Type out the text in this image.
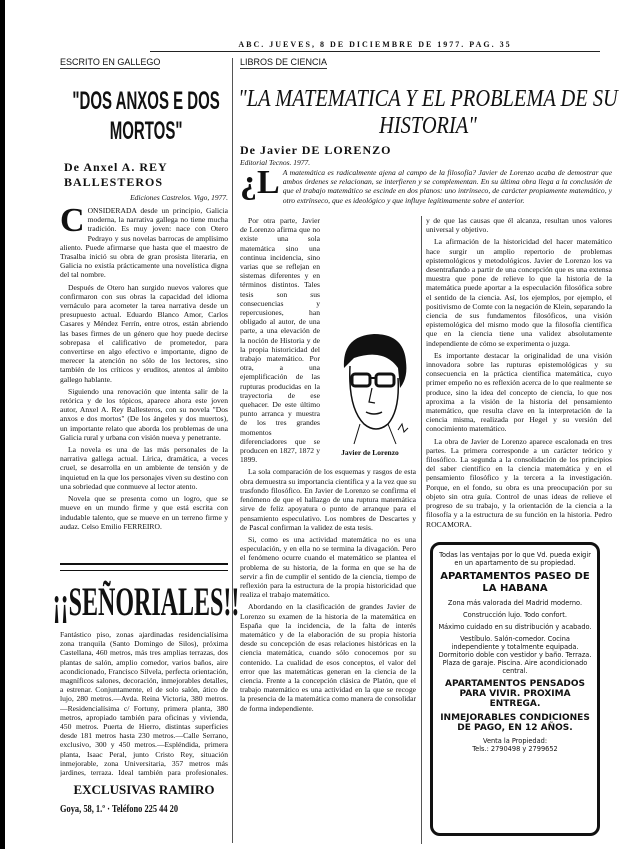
ABC. JUEVES, 8 DE DICIEMBRE DE 1977. PAG. 35
ESCRITO EN GALLEGO
"DOS ANXOS E DOS MORTOS"
De Anxel A. REY BALLESTEROS
Ediciones Castrelos. Vigo, 1977.

CONSIDERADA desde un principio, Galicia moderna, la narrativa gallega no tiene mucha tradición. Es muy joven: nace con Otero Pedrayo y sus novelas barrocas de amplísimo aliento. Puede afirmarse que hasta que el maestro de Trasalba inició su obra de gran prosista literaria, en Galicia no existía prácticamente una novelística digna del tal nombre.

Después de Otero han surgido nuevos valores que confirmaron con sus obras la capacidad del idioma vernáculo para acometer la tarea narrativa desde un presupuesto actual. Eduardo Blanco Amor, Carlos Casares y Méndez Ferrín, entre otros, están abriendo las bases firmes de un género que hoy puede decirse sobrepasa el calificativo de prometedor, para convertirse en algo efectivo e importante, digno de merecer la atención no sólo de los lectores, sino también de los críticos y eruditos, atentos al ámbito gallego hablante.

Siguiendo una renovación que intenta salir de la retórica y de los tópicos, aparece ahora este joven autor, Anxel A. Rey Ballesteros, con su novela "Dos anxos e dos mortos" (De los ángeles y dos muertos), un importante relato que aborda los problemas de una Galicia rural y urbana con visión nueva y penetrante.

La novela es una de las más personales de la narrativa gallega actual. Lírica, dramática, a veces cruel, se desarrolla en un ambiente de tensión y de inquietud en la que los personajes viven su destino con una sobriedad que conmueve al lector atento.

Novela que se presenta como un logro, que se mueve en un mundo firme y que está escrita con indudable talento, que se mueve en un terreno firme y audaz. Celso Emilio FERREIRO.

¡¡SEÑORIALES!!
Fantástico piso, zonas ajardinadas residencialísima zona tranquila (Santo Domingo de Silos), próxima Castellana, 460 metros, más tres amplias terrazas, dos plantas de salón, amplio comedor, varios baños, aire acondicionado, Francisco Silvela, perfecta orientación, magníficos salones, decoración, inmejorables detalles, a estrenar. Conjuntamente, el de solo salón, ático de lujo, 280 metros.—Avda. Reina Victoria, 380 metros.—Residencialísima c/ Fortuny, primera planta, 380 metros, apropiado también para oficinas y vivienda, 450 metros. Puerta de Hierro, distintas superficies desde 181 metros hasta 230 metros.—Calle Serrano, exclusivo, 300 y 450 metros.—Espléndida, primera planta, Isaac Peral, junto Cristo Rey, situación inmejorable, zona Universitaria, 357 metros más jardines, terraza. Ideal también para profesionales.
EXCLUSIVAS RAMIRO
Goya, 58, 1.º · Teléfono 225 44 20
LIBROS DE CIENCIA
"LA MATEMATICA Y EL PROBLEMA DE SU HISTORIA"
De Javier DE LORENZO
Editorial Tecnos. 1977.
¿L A matemática es radicalmente ajena al campo de la filosofía? Javier de Lorenzo acaba de demostrar que ambos órdenes se relacionan, se interfieren y se complementan. En su última obra llega a la conclusión de que el trabajo matemático se escinde en dos planos: uno intrínseco, de carácter propiamente matemático, y otro extrínseco, que es ideológico y que influye legítimamente sobre el anterior.
Javier de Lorenzo

Por otra parte, Javier de Lorenzo afirma que no existe una sola matemática sino una continua incidencia, sino varias que se reflejan en sistemas diferentes y en términos distintos. Tales tesis son sus consecuencias y repercusiones, han obligado al autor, de una parte, a una elevación de la noción de Historia y de la propia historicidad del trabajo matemático. Por otra, a una ejemplificación de las rupturas producidas en la trayectoria de ese quehacer. De este último punto arranca y muestra de los tres grandes momentos diferenciadores que se producen en 1827, 1872 y 1899.

La sola comparación de los esquemas y rasgos de esta obra demuestra su importancia científica y a la vez que su trasfondo filosófico. En Javier de Lorenzo se confirma el fenómeno de que el hallazgo de una ruptura matemática sirve de feliz apoyatura o punto de arranque para el pensamiento especulativo. Los nombres de Descartes y de Pascal confirman la validez de esta tesis.

Si, como es una actividad matemática no es una especulación, y en ella no se termina la divagación. Pero el fenómeno ocurre cuando el matemático se plantea el problema de su historia, de la forma en que se ha de servir a fin de cumplir el sentido de la ciencia, tiempo de reflexión para la estructura de la propia historicidad que realiza el trabajo matemático.

Abordando en la clasificación de grandes Javier de Lorenzo su examen de la historia de la matemática en España que la incidencia, de la falta de interés matemático y de la elaboración de su propia historia desde su concepción de esas relaciones históricas en la ciencia matemática, cuando sólo conocemos por su contenido. La cualidad de esos conceptos, el valor del error que las matemáticas generan en la ciencia de la ciencia. Frente a la concepción clásica de Platón, que el trabajo matemático es una actividad en la que se recoge la presencia de la matemática como manera de consolidar de forma independiente.

y de que las causas que él alcanza, resultan unos valores universal y objetivo.

La afirmación de la historicidad del hacer matemático hace surgir un amplio repertorio de problemas epistemológicos y metodológicos. Javier de Lorenzo los va desentrañando a partir de una concepción que es una extensa muestra que pone de relieve lo que la historia de la matemática puede aportar a la especulación filosófica sobre el sentido de la ciencia. Así, los ejemplos, por ejemplo, el positivismo de Comte con la negación de Klein, separando la ciencia de sus fundamentos filosóficos, una visión epistemológica del mismo modo que la filosofía científica que en la ciencia tiene una validez absolutamente independiente de cómo se experimenta o juzga.

Es importante destacar la originalidad de una visión innovadora sobre las rupturas epistemológicas y su consecuencia en la práctica científica matemática, cuyo primer empeño no es reflexión acerca de lo que realmente se produce, sino la idea del concepto de ciencia, lo que nos aproxima a la visión de la historia del pensamiento matemático, que resulta clave en la interpretación de la ciencia misma, realizada por Hegel y su versión del conocimiento matemático.

La obra de Javier de Lorenzo aparece escalonada en tres partes. La primera corresponde a un carácter teórico y filosófico. La segunda a la consolidación de los principios del saber científico en la ciencia matemática y en el pensamiento filosófico y la tercera a la investigación. Porque, en el fondo, su obra es una preocupación por su objeto sin otra guía. Control de unas ideas de relieve el progreso de su trabajo, y la orientación de la ciencia a la filosofía y a la estructura de su función en la historia. Pedro ROCAMORA.

Todas las ventajas por lo que Vd. pueda exigir en un apartamento de su propiedad.

APARTAMENTOS PASEO DE LA HABANA

Zona más valorada del Madrid moderno.

Construcción lujo. Todo confort.

Máximo cuidado en su distribución y acabado.

Vestíbulo. Salón-comedor. Cocina independiente y totalmente equipada. Dormitorio doble con vestidor y baño. Terraza. Plaza de garaje. Piscina. Aire acondicionado central.

APARTAMENTOS PENSADOS PARA VIVIR. PROXIMA ENTREGA.

INMEJORABLES CONDICIONES DE PAGO, EN 12 AÑOS.

Venta la Propiedad:

Tels.: 2790498 y 2799652
